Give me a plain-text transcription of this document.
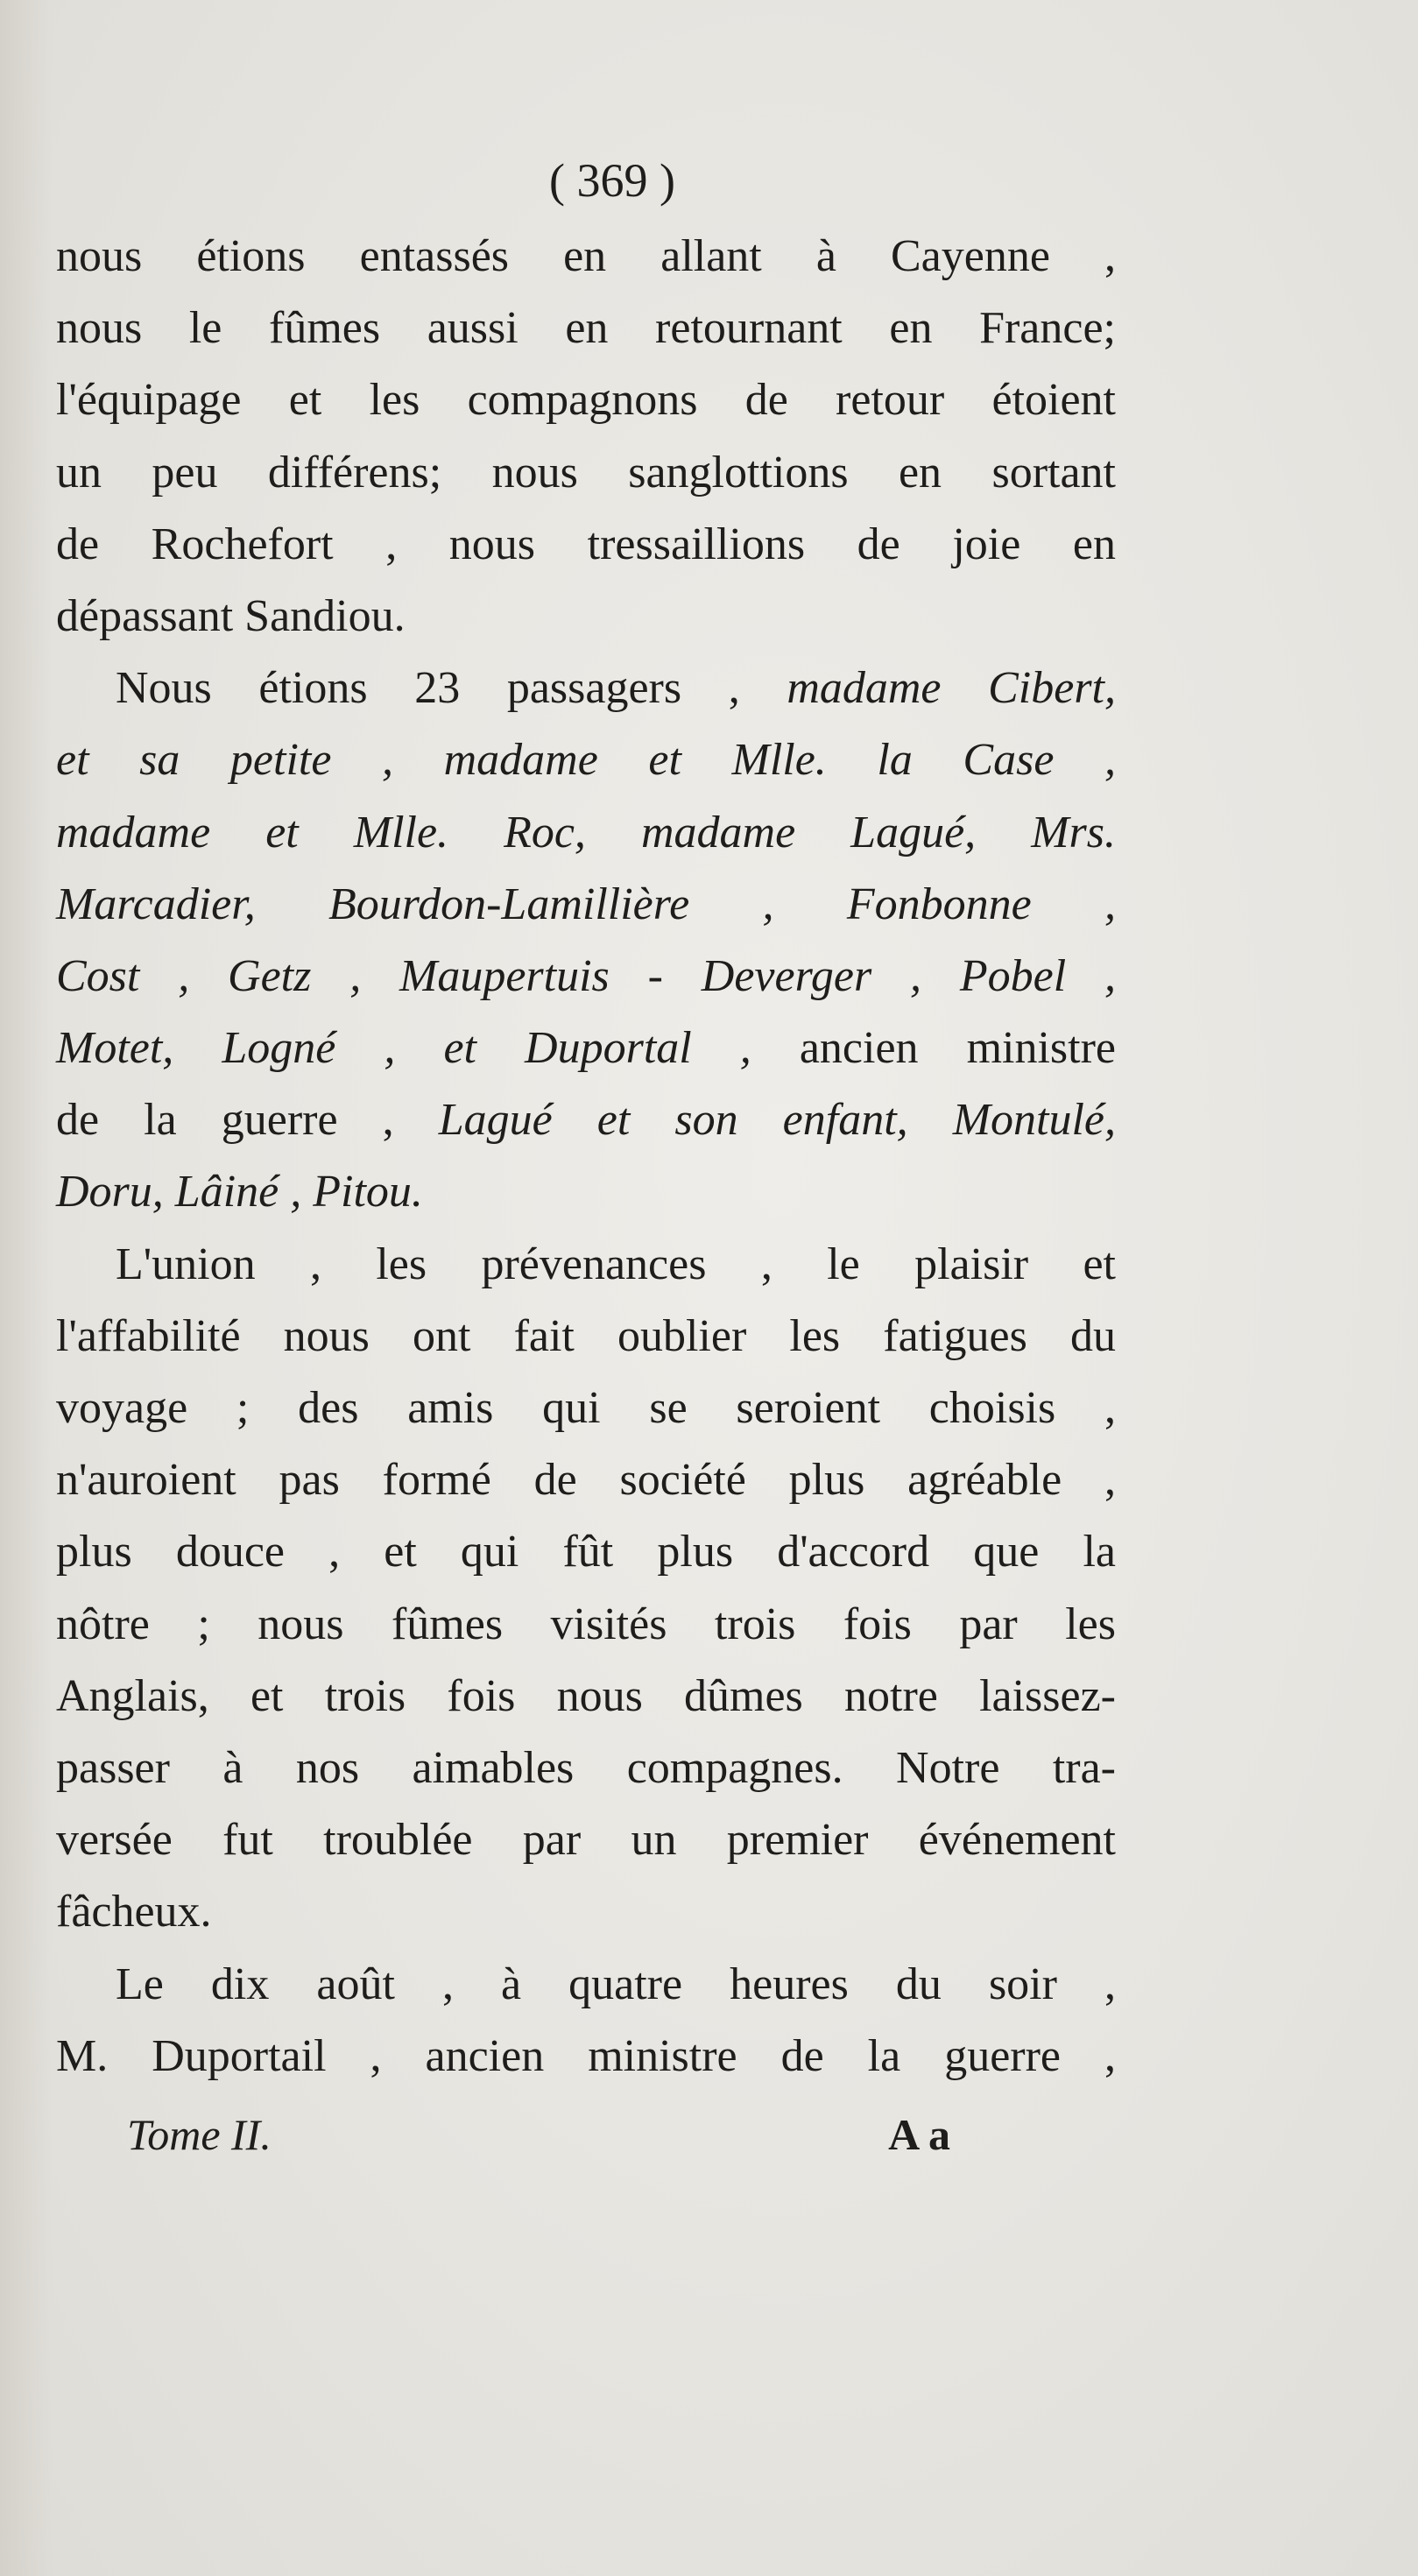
( 369 )
nous étions entassés en allant à Cayenne ,
nous le fûmes aussi en retournant en France;
l'équipage et les compagnons de retour étoient
un peu différens; nous sanglottions en sortant
de Rochefort , nous tressaillions de joie en
dépassant Sandiou.
Nous étions 23 passagers , madame Cibert,
et sa petite , madame et Mlle. la Case ,
madame et Mlle. Roc, madame Lagué, Mrs.
Marcadier, Bourdon-Lamillière , Fonbonne ,
Cost , Getz , Maupertuis - Deverger , Pobel ,
Motet, Logné , et Duportal , ancien ministre
de la guerre , Lagué et son enfant, Montulé,
Doru, Lâiné , Pitou.
L'union , les prévenances , le plaisir et
l'affabilité nous ont fait oublier les fatigues du
voyage ; des amis qui se seroient choisis ,
n'auroient pas formé de société plus agréable ,
plus douce , et qui fût plus d'accord que la
nôtre ; nous fûmes visités trois fois par les
Anglais, et trois fois nous dûmes notre laissez-
passer à nos aimables compagnes. Notre tra-
versée fut troublée par un premier événement
fâcheux.
Le dix août , à quatre heures du soir ,
M. Duportail , ancien ministre de la guerre ,
Tome II.	A a
